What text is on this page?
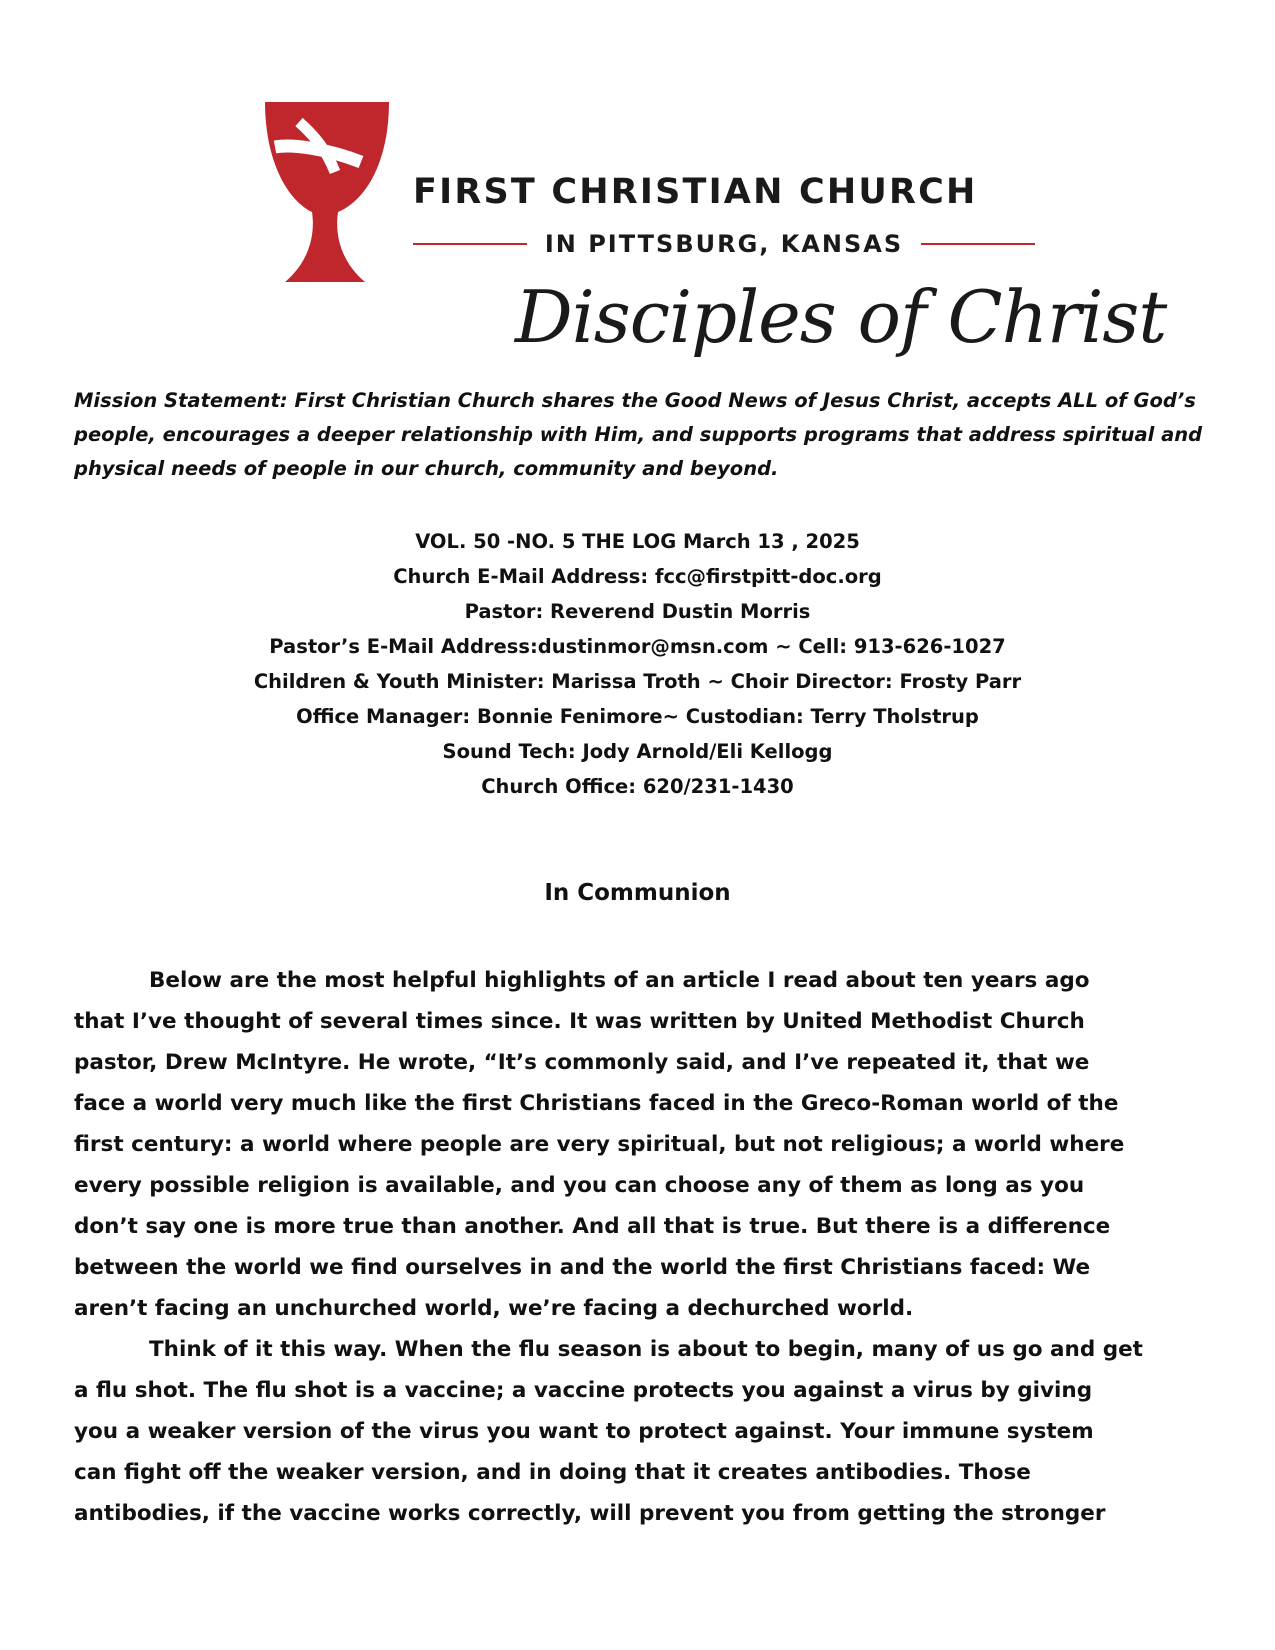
FIRST CHRISTIAN CHURCH
IN PITTSBURG, KANSAS
Disciples of Christ

Mission Statement: First Christian Church shares the Good News of Jesus Christ, accepts ALL of God’s people, encourages a deeper relationship with Him, and supports programs that address spiritual and physical needs of people in our church, community and beyond.

VOL. 50 -NO. 5 THE LOG March 13 , 2025
Church E-Mail Address: fcc@firstpitt-doc.org
Pastor: Reverend Dustin Morris
Pastor’s E-Mail Address:dustinmor@msn.com ~ Cell: 913-626-1027
Children & Youth Minister: Marissa Troth ~ Choir Director: Frosty Parr
Office Manager: Bonnie Fenimore~ Custodian: Terry Tholstrup
Sound Tech: Jody Arnold/Eli Kellogg
Church Office: 620/231-1430
In Communion
Below are the most helpful highlights of an article I read about ten years ago
that I’ve thought of several times since. It was written by United Methodist Church
pastor, Drew McIntyre. He wrote, “It’s commonly said, and I’ve repeated it, that we
face a world very much like the first Christians faced in the Greco-Roman world of the
first century: a world where people are very spiritual, but not religious; a world where
every possible religion is available, and you can choose any of them as long as you
don’t say one is more true than another. And all that is true. But there is a difference
between the world we find ourselves in and the world the first Christians faced: We
aren’t facing an unchurched world, we’re facing a dechurched world.
Think of it this way. When the flu season is about to begin, many of us go and get
a flu shot. The flu shot is a vaccine; a vaccine protects you against a virus by giving
you a weaker version of the virus you want to protect against. Your immune system
can fight off the weaker version, and in doing that it creates antibodies. Those
antibodies, if the vaccine works correctly, will prevent you from getting the stronger
